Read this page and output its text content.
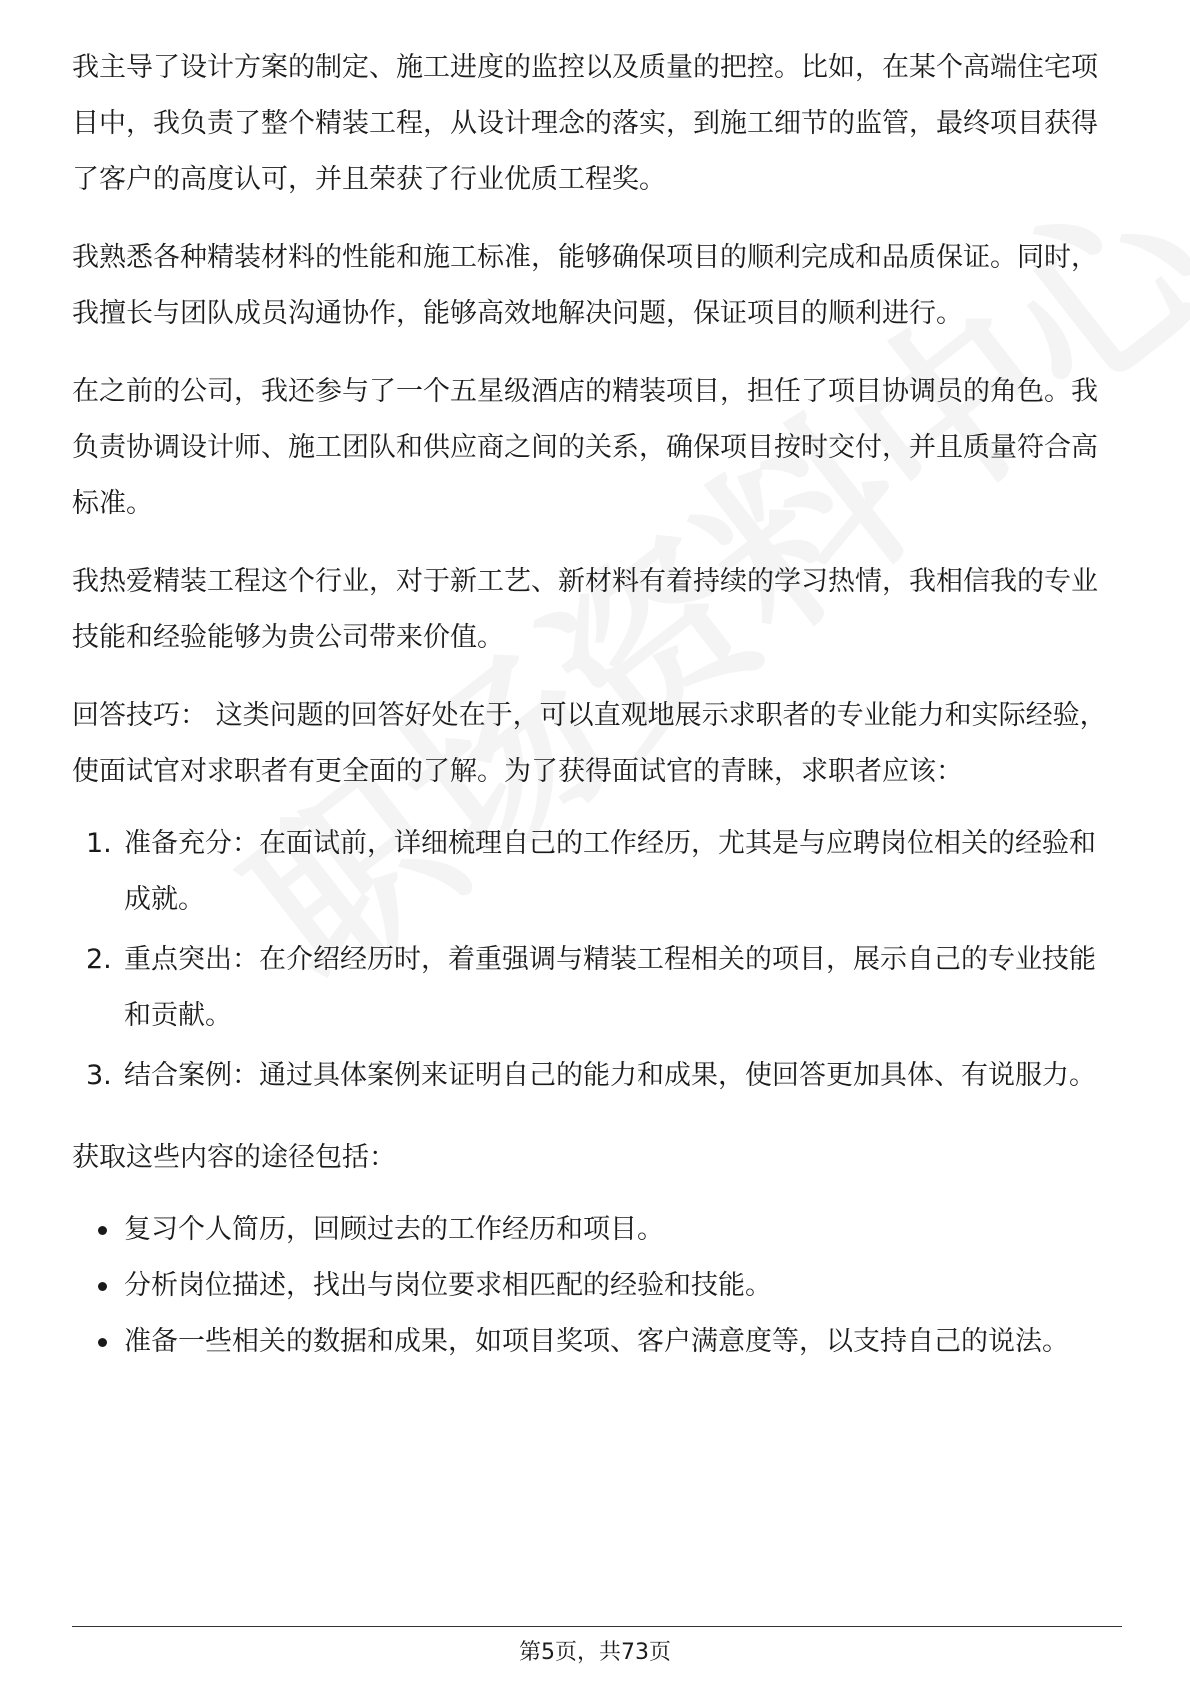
我主导了设计方案的制定、施工进度的监控以及质量的把控。比如，在某个高端住宅项目中，我负责了整个精装工程，从设计理念的落实，到施工细节的监管，最终项目获得了客户的高度认可，并且荣获了行业优质工程奖。

我熟悉各种精装材料的性能和施工标准，能够确保项目的顺利完成和品质保证。同时，我擅长与团队成员沟通协作，能够高效地解决问题，保证项目的顺利进行。

在之前的公司，我还参与了一个五星级酒店的精装项目，担任了项目协调员的角色。我负责协调设计师、施工团队和供应商之间的关系，确保项目按时交付，并且质量符合高标准。

我热爱精装工程这个行业，对于新工艺、新材料有着持续的学习热情，我相信我的专业技能和经验能够为贵公司带来价值。

回答技巧： 这类问题的回答好处在于，可以直观地展示求职者的专业能力和实际经验，使面试官对求职者有更全面的了解。为了获得面试官的青睐，求职者应该：

1. 准备充分：在面试前，详细梳理自己的工作经历，尤其是与应聘岗位相关的经验和成就。
2. 重点突出：在介绍经历时，着重强调与精装工程相关的项目，展示自己的专业技能和贡献。
3. 结合案例：通过具体案例来证明自己的能力和成果，使回答更加具体、有说服力。

获取这些内容的途径包括：

复习个人简历，回顾过去的工作经历和项目。
分析岗位描述，找出与岗位要求相匹配的经验和技能。
准备一些相关的数据和成果，如项目奖项、客户满意度等，以支持自己的说法。
第5页，共73页
